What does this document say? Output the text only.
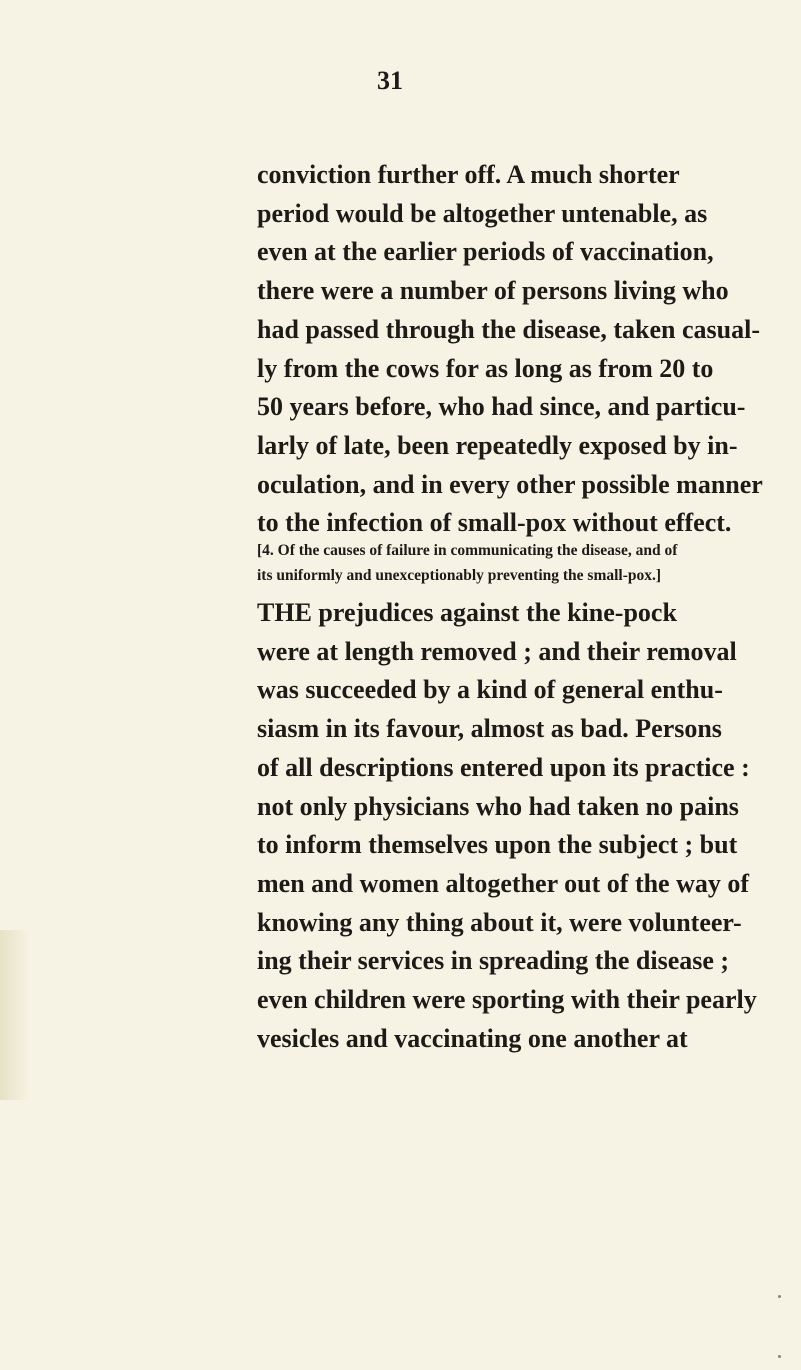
31
conviction further off. A much shorter
period would be altogether untenable, as
even at the earlier periods of vaccination,
there were a number of persons living who
had passed through the disease, taken casual-
ly from the cows for as long as from 20 to
50 years before, who had since, and particu-
larly of late, been repeatedly exposed by in-
oculation, and in every other possible manner
to the infection of small-pox without effect.
[4. Of the causes of failure in communicating the disease, and of
its uniformly and unexceptionably preventing the small-pox.]
THE prejudices against the kine-pock
were at length removed ; and their removal
was succeeded by a kind of general enthu-
siasm in its favour, almost as bad. Persons
of all descriptions entered upon its practice :
not only physicians who had taken no pains
to inform themselves upon the subject ; but
men and women altogether out of the way of
knowing any thing about it, were volunteer-
ing their services in spreading the disease ;
even children were sporting with their pearly
vesicles and vaccinating one another at
